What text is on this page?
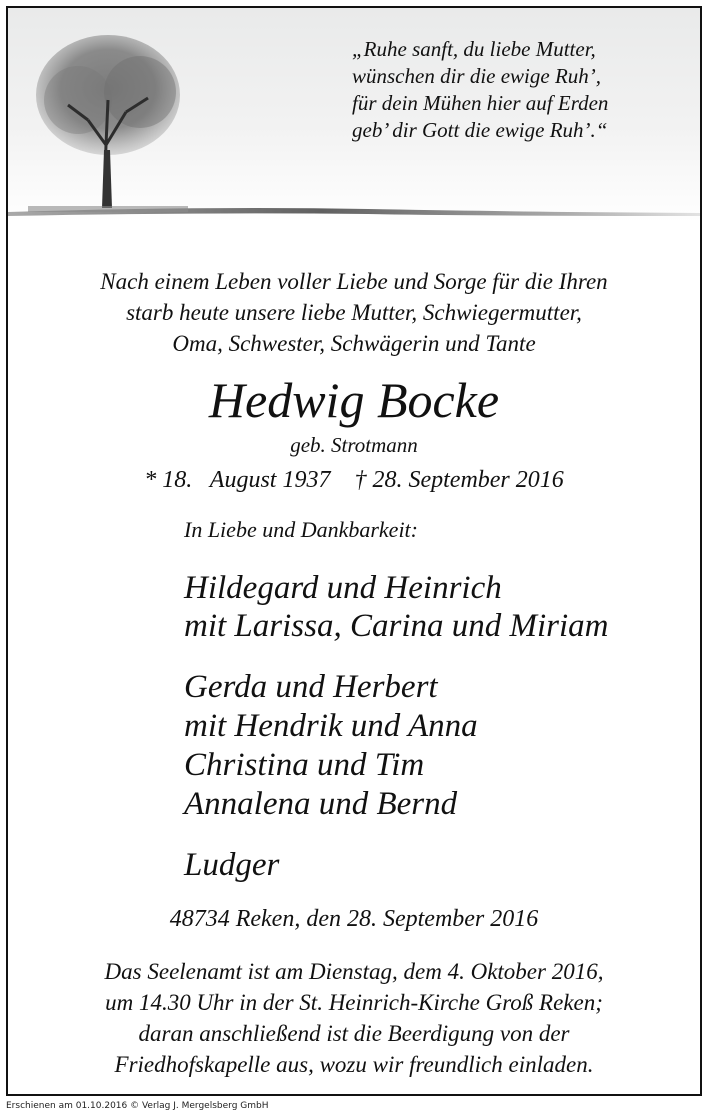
„Ruhe sanft, du liebe Mutter,
wünschen dir die ewige Ruh’,
für dein Mühen hier auf Erden
geb’ dir Gott die ewige Ruh’.“
Nach einem Leben voller Liebe und Sorge für die Ihren
starb heute unsere liebe Mutter, Schwiegermutter,
Oma, Schwester, Schwägerin und Tante
Hedwig Bocke
geb. Strotmann
* 18.   August 1937    † 28. September 2016
In Liebe und Dankbarkeit:
Hildegard und Heinrich
mit Larissa, Carina und Miriam
Gerda und Herbert
mit Hendrik und Anna
Christina und Tim
Annalena und Bernd
Ludger
48734 Reken, den 28. September 2016
Das Seelenamt ist am Dienstag, dem 4. Oktober 2016,
um 14.30 Uhr in der St. Heinrich-Kirche Groß Reken;
daran anschließend ist die Beerdigung von der
Friedhofskapelle aus, wozu wir freundlich einladen.
Erschienen am 01.10.2016 © Verlag J. Mergelsberg GmbH
